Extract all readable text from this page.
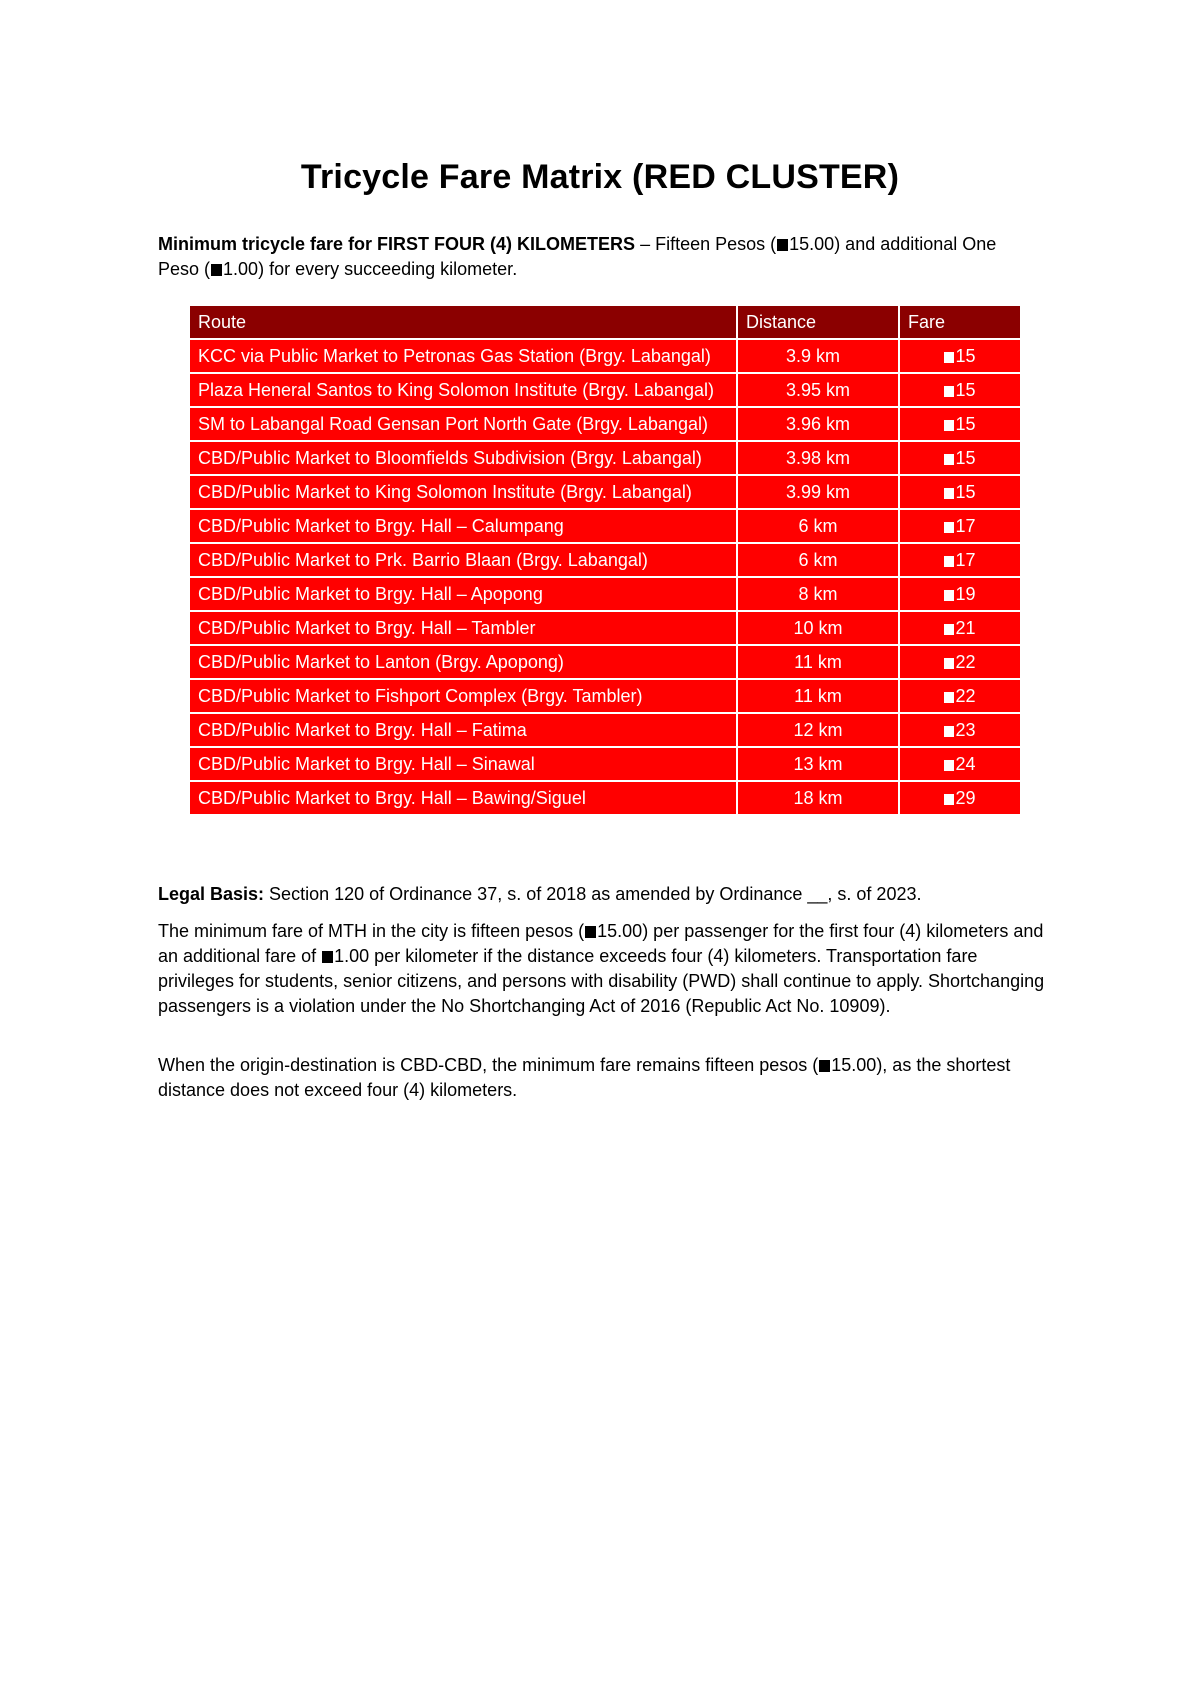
Tricycle Fare Matrix (RED CLUSTER)

Minimum tricycle fare for FIRST FOUR (4) KILOMETERS – Fifteen Pesos ( 15.00) and additional One Peso ( 1.00) for every succeeding kilometer.

Route	Distance	Fare
KCC via Public Market to Petronas Gas Station (Brgy. Labangal)	3.9 km	15
Plaza Heneral Santos to King Solomon Institute (Brgy. Labangal)	3.95 km	15
SM to Labangal Road Gensan Port North Gate (Brgy. Labangal)	3.96 km	15
CBD/Public Market to Bloomfields Subdivision (Brgy. Labangal)	3.98 km	15
CBD/Public Market to King Solomon Institute (Brgy. Labangal)	3.99 km	15
CBD/Public Market to Brgy. Hall – Calumpang	6 km	17
CBD/Public Market to Prk. Barrio Blaan (Brgy. Labangal)	6 km	17
CBD/Public Market to Brgy. Hall – Apopong	8 km	19
CBD/Public Market to Brgy. Hall – Tambler	10 km	21
CBD/Public Market to Lanton (Brgy. Apopong)	11 km	22
CBD/Public Market to Fishport Complex (Brgy. Tambler)	11 km	22
CBD/Public Market to Brgy. Hall – Fatima	12 km	23
CBD/Public Market to Brgy. Hall – Sinawal	13 km	24
CBD/Public Market to Brgy. Hall – Bawing/Siguel	18 km	29

Legal Basis: Section 120 of Ordinance 37, s. of 2018 as amended by Ordinance __, s. of 2023.

The minimum fare of MTH in the city is fifteen pesos ( 15.00) per passenger for the first four (4) kilometers and an additional fare of 1.00 per kilometer if the distance exceeds four (4) kilometers. Transportation fare privileges for students, senior citizens, and persons with disability (PWD) shall continue to apply. Shortchanging passengers is a violation under the No Shortchanging Act of 2016 (Republic Act No. 10909).

When the origin-destination is CBD-CBD, the minimum fare remains fifteen pesos ( 15.00), as the shortest distance does not exceed four (4) kilometers.
